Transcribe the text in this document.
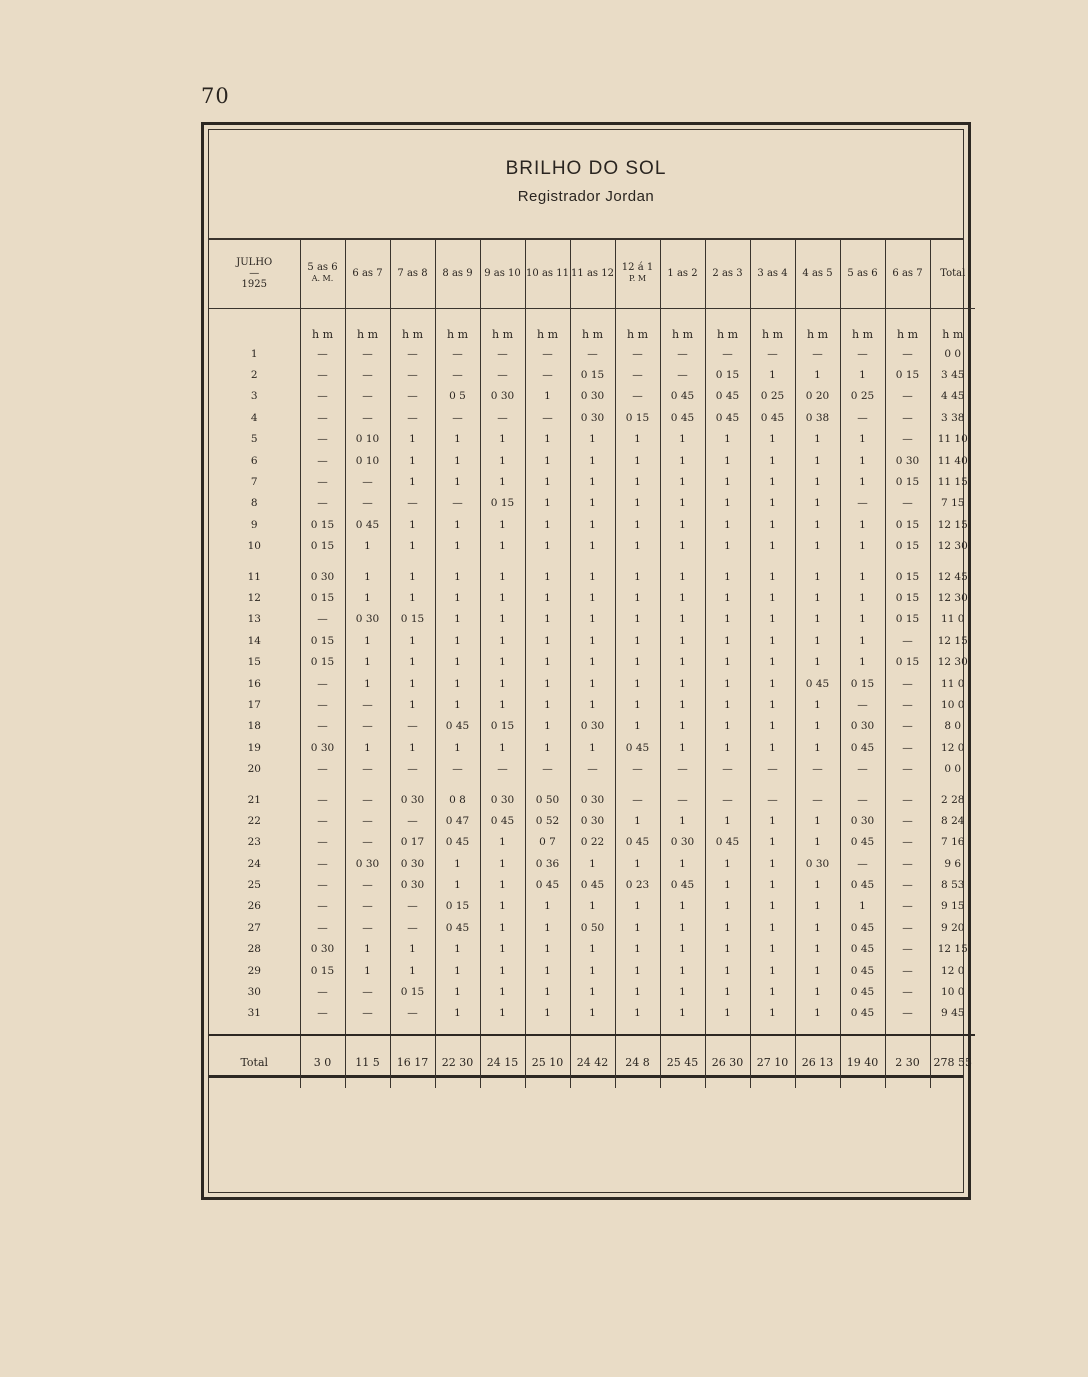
70
BRILHO DO SOL
Registrador Jordan
JULHO
—
1925	5 as 6
A. M.	6 as 7	7 as 8	8 as 9	9 as 10	10 as 11	11 as 12	12 á 1
P. M	1 as 2	2 as 3	3 as 4	4 as 5	5 as 6	6 as 7	Total
	h m	h m	h m	h m	h m	h m	h m	h m	h m	h m	h m	h m	h m	h m	h m
1	—	—	—	—	—	—	—	—	—	—	—	—	—	—	0 0
2	—	—	—	—	—	—	0 15	—	—	0 15	1	1	1	0 15	3 45
3	—	—	—	0 5	0 30	1	0 30	—	0 45	0 45	0 25	0 20	0 25	—	4 45
4	—	—	—	—	—	—	0 30	0 15	0 45	0 45	0 45	0 38	—	—	3 38
5	—	0 10	1	1	1	1	1	1	1	1	1	1	1	—	11 10
6	—	0 10	1	1	1	1	1	1	1	1	1	1	1	0 30	11 40
7	—	—	1	1	1	1	1	1	1	1	1	1	1	0 15	11 15
8	—	—	—	—	0 15	1	1	1	1	1	1	1	—	—	7 15
9	0 15	0 45	1	1	1	1	1	1	1	1	1	1	1	0 15	12 15
10	0 15	1	1	1	1	1	1	1	1	1	1	1	1	0 15	12 30
11	0 30	1	1	1	1	1	1	1	1	1	1	1	1	0 15	12 45
12	0 15	1	1	1	1	1	1	1	1	1	1	1	1	0 15	12 30
13	—	0 30	0 15	1	1	1	1	1	1	1	1	1	1	0 15	11 0
14	0 15	1	1	1	1	1	1	1	1	1	1	1	1	—	12 15
15	0 15	1	1	1	1	1	1	1	1	1	1	1	1	0 15	12 30
16	—	1	1	1	1	1	1	1	1	1	1	0 45	0 15	—	11 0
17	—	—	1	1	1	1	1	1	1	1	1	1	—	—	10 0
18	—	—	—	0 45	0 15	1	0 30	1	1	1	1	1	0 30	—	8 0
19	0 30	1	1	1	1	1	1	0 45	1	1	1	1	0 45	—	12 0
20	—	—	—	—	—	—	—	—	—	—	—	—	—	—	0 0
21	—	—	0 30	0 8	0 30	0 50	0 30	—	—	—	—	—	—	—	2 28
22	—	—	—	0 47	0 45	0 52	0 30	1	1	1	1	1	0 30	—	8 24
23	—	—	0 17	0 45	1	0 7	0 22	0 45	0 30	0 45	1	1	0 45	—	7 16
24	—	0 30	0 30	1	1	0 36	1	1	1	1	1	0 30	—	—	9 6
25	—	—	0 30	1	1	0 45	0 45	0 23	0 45	1	1	1	0 45	—	8 53
26	—	—	—	0 15	1	1	1	1	1	1	1	1	1	—	9 15
27	—	—	—	0 45	1	1	0 50	1	1	1	1	1	0 45	—	9 20
28	0 30	1	1	1	1	1	1	1	1	1	1	1	0 45	—	12 15
29	0 15	1	1	1	1	1	1	1	1	1	1	1	0 45	—	12 0
30	—	—	0 15	1	1	1	1	1	1	1	1	1	0 45	—	10 0
31	—	—	—	1	1	1	1	1	1	1	1	1	0 45	—	9 45
Total	3 0	11 5	16 17	22 30	24 15	25 10	24 42	24 8	25 45	26 30	27 10	26 13	19 40	2 30	278 55
